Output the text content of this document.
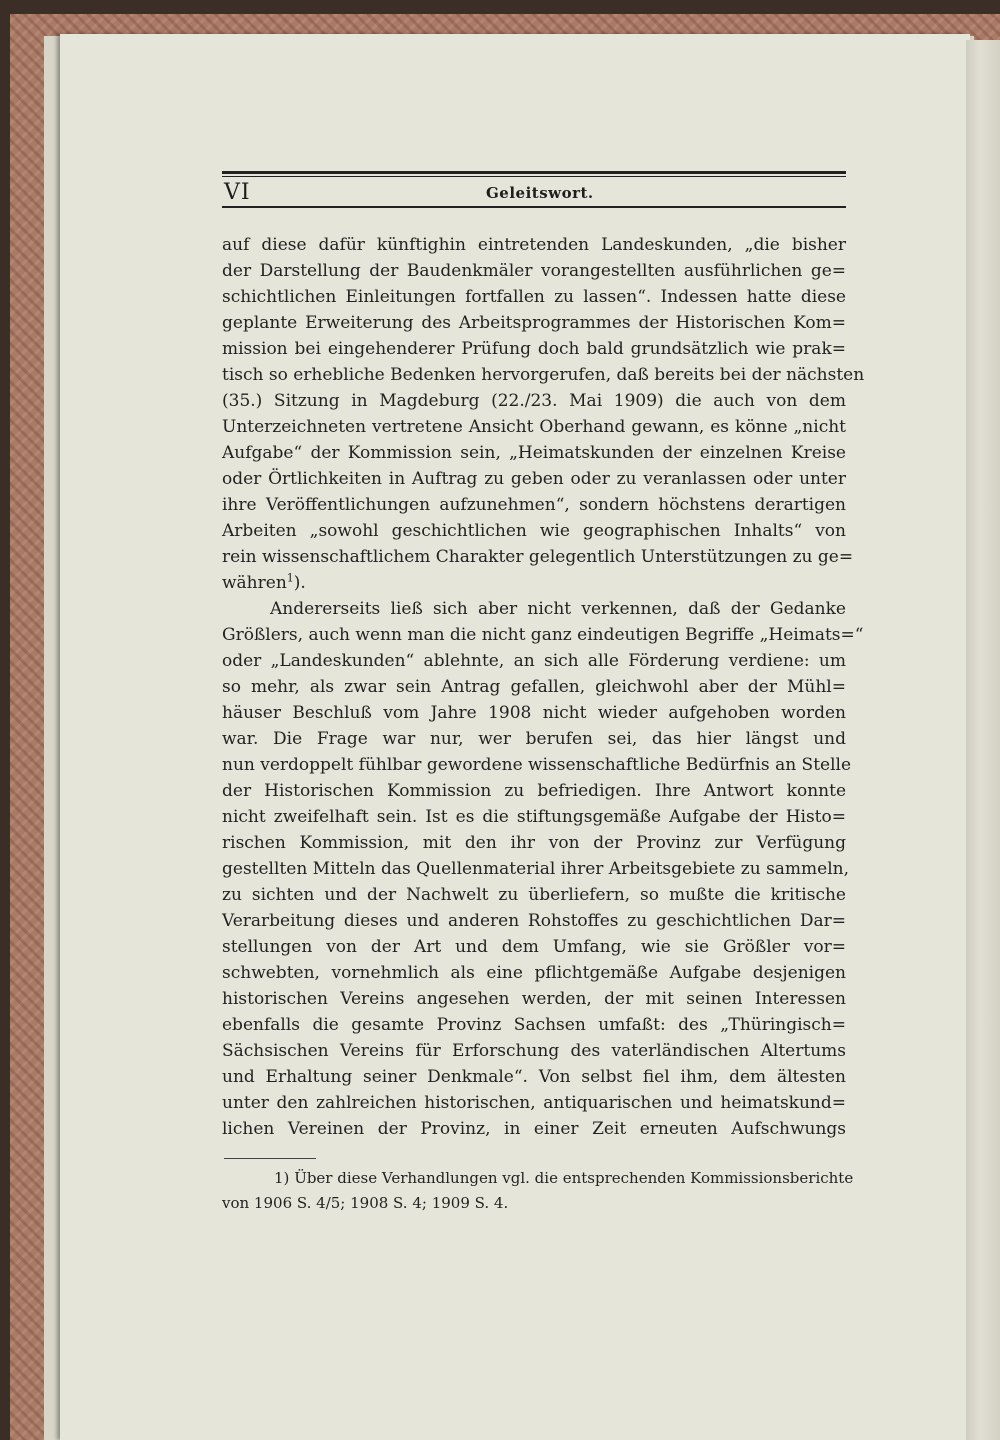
VI	Geleitswort.
auf diese dafür künftighin eintretenden Landeskunden, „die bisher
der Darstellung der Baudenkmäler vorangestellten ausführlichen ge=
schichtlichen Einleitungen fortfallen zu lassen“. Indessen hatte diese
geplante Erweiterung des Arbeitsprogrammes der Historischen Kom=
mission bei eingehenderer Prüfung doch bald grundsätzlich wie prak=
tisch so erhebliche Bedenken hervorgerufen, daß bereits bei der nächsten
(35.) Sitzung in Magdeburg (22./23. Mai 1909) die auch von dem
Unterzeichneten vertretene Ansicht Oberhand gewann, es könne „nicht
Aufgabe“ der Kommission sein, „Heimatskunden der einzelnen Kreise
oder Örtlichkeiten in Auftrag zu geben oder zu veranlassen oder unter
ihre Veröffentlichungen aufzunehmen“, sondern höchstens derartigen
Arbeiten „sowohl geschichtlichen wie geographischen Inhalts“ von
rein wissenschaftlichem Charakter gelegentlich Unterstützungen zu ge=
währen$^1$).
Andererseits ließ sich aber nicht verkennen, daß der Gedanke
Größlers, auch wenn man die nicht ganz eindeutigen Begriffe „Heimats=“
oder „Landeskunden“ ablehnte, an sich alle Förderung verdiene: um
so mehr, als zwar sein Antrag gefallen, gleichwohl aber der Mühl=
häuser Beschluß vom Jahre 1908 nicht wieder aufgehoben worden
war. Die Frage war nur, wer berufen sei, das hier längst und
nun verdoppelt fühlbar gewordene wissenschaftliche Bedürfnis an Stelle
der Historischen Kommission zu befriedigen. Ihre Antwort konnte
nicht zweifelhaft sein. Ist es die stiftungsgemäße Aufgabe der Histo=
rischen Kommission, mit den ihr von der Provinz zur Verfügung
gestellten Mitteln das Quellenmaterial ihrer Arbeitsgebiete zu sammeln,
zu sichten und der Nachwelt zu überliefern, so mußte die kritische
Verarbeitung dieses und anderen Rohstoffes zu geschichtlichen Dar=
stellungen von der Art und dem Umfang, wie sie Größler vor=
schwebten, vornehmlich als eine pflichtgemäße Aufgabe desjenigen
historischen Vereins angesehen werden, der mit seinen Interessen
ebenfalls die gesamte Provinz Sachsen umfaßt: des „Thüringisch=
Sächsischen Vereins für Erforschung des vaterländischen Altertums
und Erhaltung seiner Denkmale“. Von selbst fiel ihm, dem ältesten
unter den zahlreichen historischen, antiquarischen und heimatskund=
lichen Vereinen der Provinz, in einer Zeit erneuten Aufschwungs
1) Über diese Verhandlungen vgl. die entsprechenden Kommissionsberichte
von 1906 S. 4/5; 1908 S. 4; 1909 S. 4.
